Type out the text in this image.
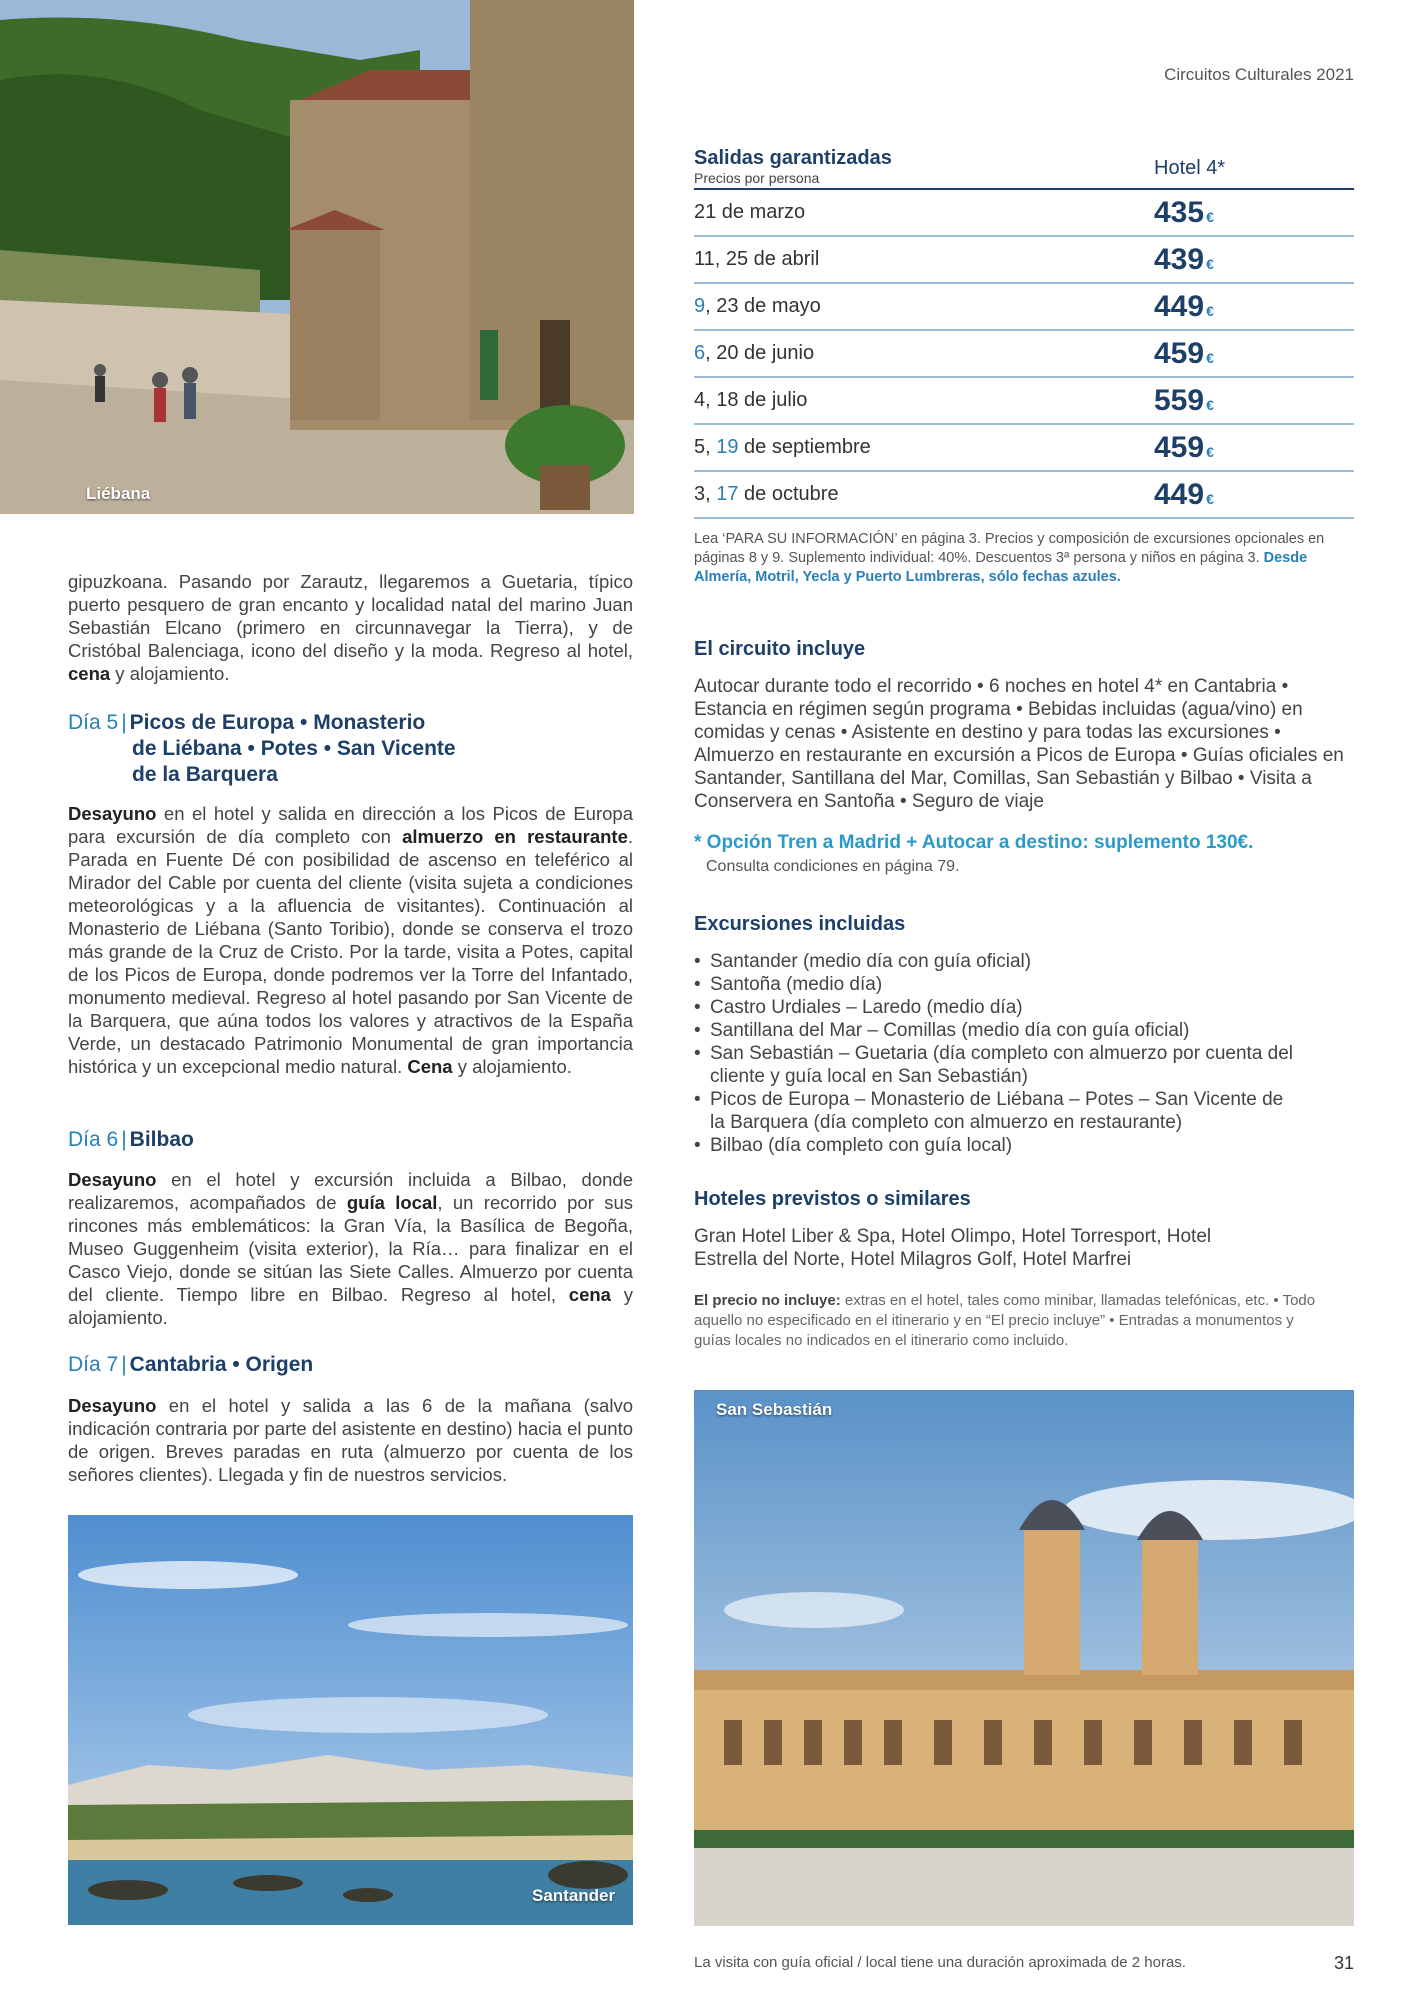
Circuitos Culturales 2021
Liébana
Salidas garantizadas
Precios por persona	Hotel 4*
21 de marzo	435 €
11, 25 de abril	439 €
9, 23 de mayo	449 €
6, 20 de junio	459 €
4, 18 de julio	559 €
5, 19 de septiembre	459 €
3, 17 de octubre	449 €
Lea ‘PARA SU INFORMACIÓN’ en página 3. Precios y composición de excursiones opcionales en páginas 8 y 9. Suplemento individual: 40%. Descuentos 3ª persona y niños en página 3. Desde Almería, Motril, Yecla y Puerto Lumbreras, sólo fechas azules.

gipuzkoana. Pasando por Zarautz, llegaremos a Guetaria, típico puerto pesquero de gran encanto y localidad natal del marino Juan Sebastián Elcano (primero en circunnavegar la Tierra), y de Cristóbal Balenciaga, icono del diseño y la moda. Regreso al hotel, cena y alojamiento.

Día 5 | Picos de Europa • Monasterio
de Liébana • Potes • San Vicente
de la Barquera

Desayuno en el hotel y salida en dirección a los Picos de Europa para excursión de día completo con almuerzo en restaurante. Parada en Fuente Dé con posibilidad de ascenso en teleférico al Mirador del Cable por cuenta del cliente (visita sujeta a condiciones meteorológicas y a la afluencia de visitantes). Continuación al Monasterio de Liébana (Santo Toribio), donde se conserva el trozo más grande de la Cruz de Cristo. Por la tarde, visita a Potes, capital de los Picos de Europa, donde podremos ver la Torre del Infantado, monumento medieval. Regreso al hotel pasando por San Vicente de la Barquera, que aúna todos los valores y atractivos de la España Verde, un destacado Patrimonio Monumental de gran importancia histórica y un excepcional medio natural. Cena y alojamiento.

Día 6 | Bilbao

Desayuno en el hotel y excursión incluida a Bilbao, donde realizaremos, acompañados de guía local, un recorrido por sus rincones más emblemáticos: la Gran Vía, la Basílica de Begoña, Museo Guggenheim (visita exterior), la Ría… para finalizar en el Casco Viejo, donde se sitúan las Siete Calles. Almuerzo por cuenta del cliente. Tiempo libre en Bilbao. Regreso al hotel, cena y alojamiento.

Día 7 | Cantabria • Origen

Desayuno en el hotel y salida a las 6 de la mañana (salvo indicación contraria por parte del asistente en destino) hacia el punto de origen. Breves paradas en ruta (almuerzo por cuenta de los señores clientes). Llegada y fin de nuestros servicios.

Santander
El circuito incluye
Autocar durante todo el recorrido • 6 noches en hotel 4* en Cantabria • Estancia en régimen según programa • Bebidas incluidas (agua/vino) en comidas y cenas • Asistente en destino y para todas las excursiones • Almuerzo en restaurante en excursión a Picos de Europa • Guías oficiales en Santander, Santillana del Mar, Comillas, San Sebastián y Bilbao • Visita a Conservera en Santoña • Seguro de viaje
* Opción Tren a Madrid + Autocar a destino: suplemento 130€.
Consulta condiciones en página 79.
Excursiones incluidas
• Santander (medio día con guía oficial)
• Santoña (medio día)
• Castro Urdiales – Laredo (medio día)
• Santillana del Mar – Comillas (medio día con guía oficial)
• San Sebastián – Guetaria (día completo con almuerzo por cuenta del cliente y guía local en San Sebastián)
• Picos de Europa – Monasterio de Liébana – Potes – San Vicente de la Barquera (día completo con almuerzo en restaurante)
• Bilbao (día completo con guía local)
Hoteles previstos o similares
Gran Hotel Liber & Spa, Hotel Olimpo, Hotel Torresport, Hotel Estrella del Norte, Hotel Milagros Golf, Hotel Marfrei
El precio no incluye: extras en el hotel, tales como minibar, llamadas telefónicas, etc. • Todo aquello no especificado en el itinerario y en “El precio incluye” • Entradas a monumentos y guías locales no indicados en el itinerario como incluido.
San Sebastián
La visita con guía oficial / local tiene una duración aproximada de 2 horas.	31
